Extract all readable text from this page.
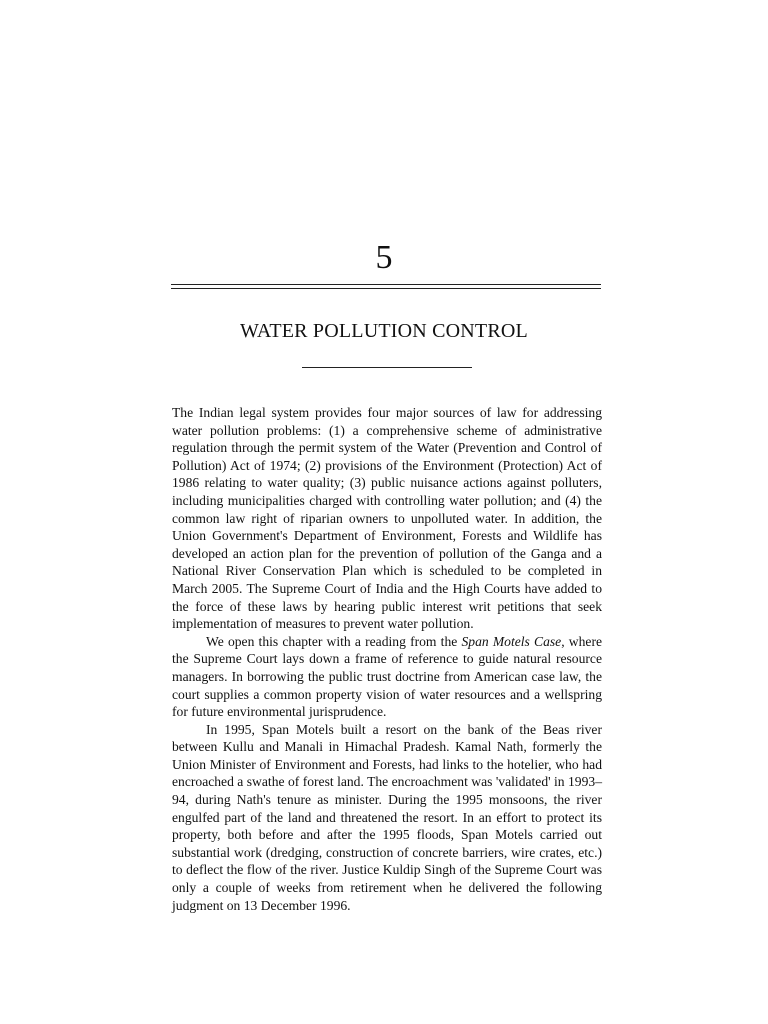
5
WATER POLLUTION CONTROL

The Indian legal system provides four major sources of law for addressing water pollution problems: (1) a comprehensive scheme of administrative regulation through the permit system of the Water (Prevention and Control of Pollution) Act of 1974; (2) provisions of the Environment (Protection) Act of 1986 relating to water quality; (3) public nuisance actions against polluters, including municipalities charged with controlling water pollution; and (4) the common law right of riparian owners to unpolluted water. In addition, the Union Government's Department of Environment, Forests and Wildlife has developed an action plan for the prevention of pollution of the Ganga and a National River Conservation Plan which is scheduled to be completed in March 2005. The Supreme Court of India and the High Courts have added to the force of these laws by hearing public interest writ petitions that seek implementation of measures to prevent water pollution.

We open this chapter with a reading from the Span Motels Case, where the Supreme Court lays down a frame of reference to guide natural resource managers. In borrowing the public trust doctrine from American case law, the court supplies a common property vision of water resources and a wellspring for future environmental jurisprudence.

In 1995, Span Motels built a resort on the bank of the Beas river between Kullu and Manali in Himachal Pradesh. Kamal Nath, formerly the Union Minister of Environment and Forests, had links to the hotelier, who had encroached a swathe of forest land. The encroachment was 'validated' in 1993–94, during Nath's tenure as minister. During the 1995 monsoons, the river engulfed part of the land and threatened the resort. In an effort to protect its property, both before and after the 1995 floods, Span Motels carried out substantial work (dredging, construction of concrete barriers, wire crates, etc.) to deflect the flow of the river. Justice Kuldip Singh of the Supreme Court was only a couple of weeks from retirement when he delivered the following judgment on 13 December 1996.
